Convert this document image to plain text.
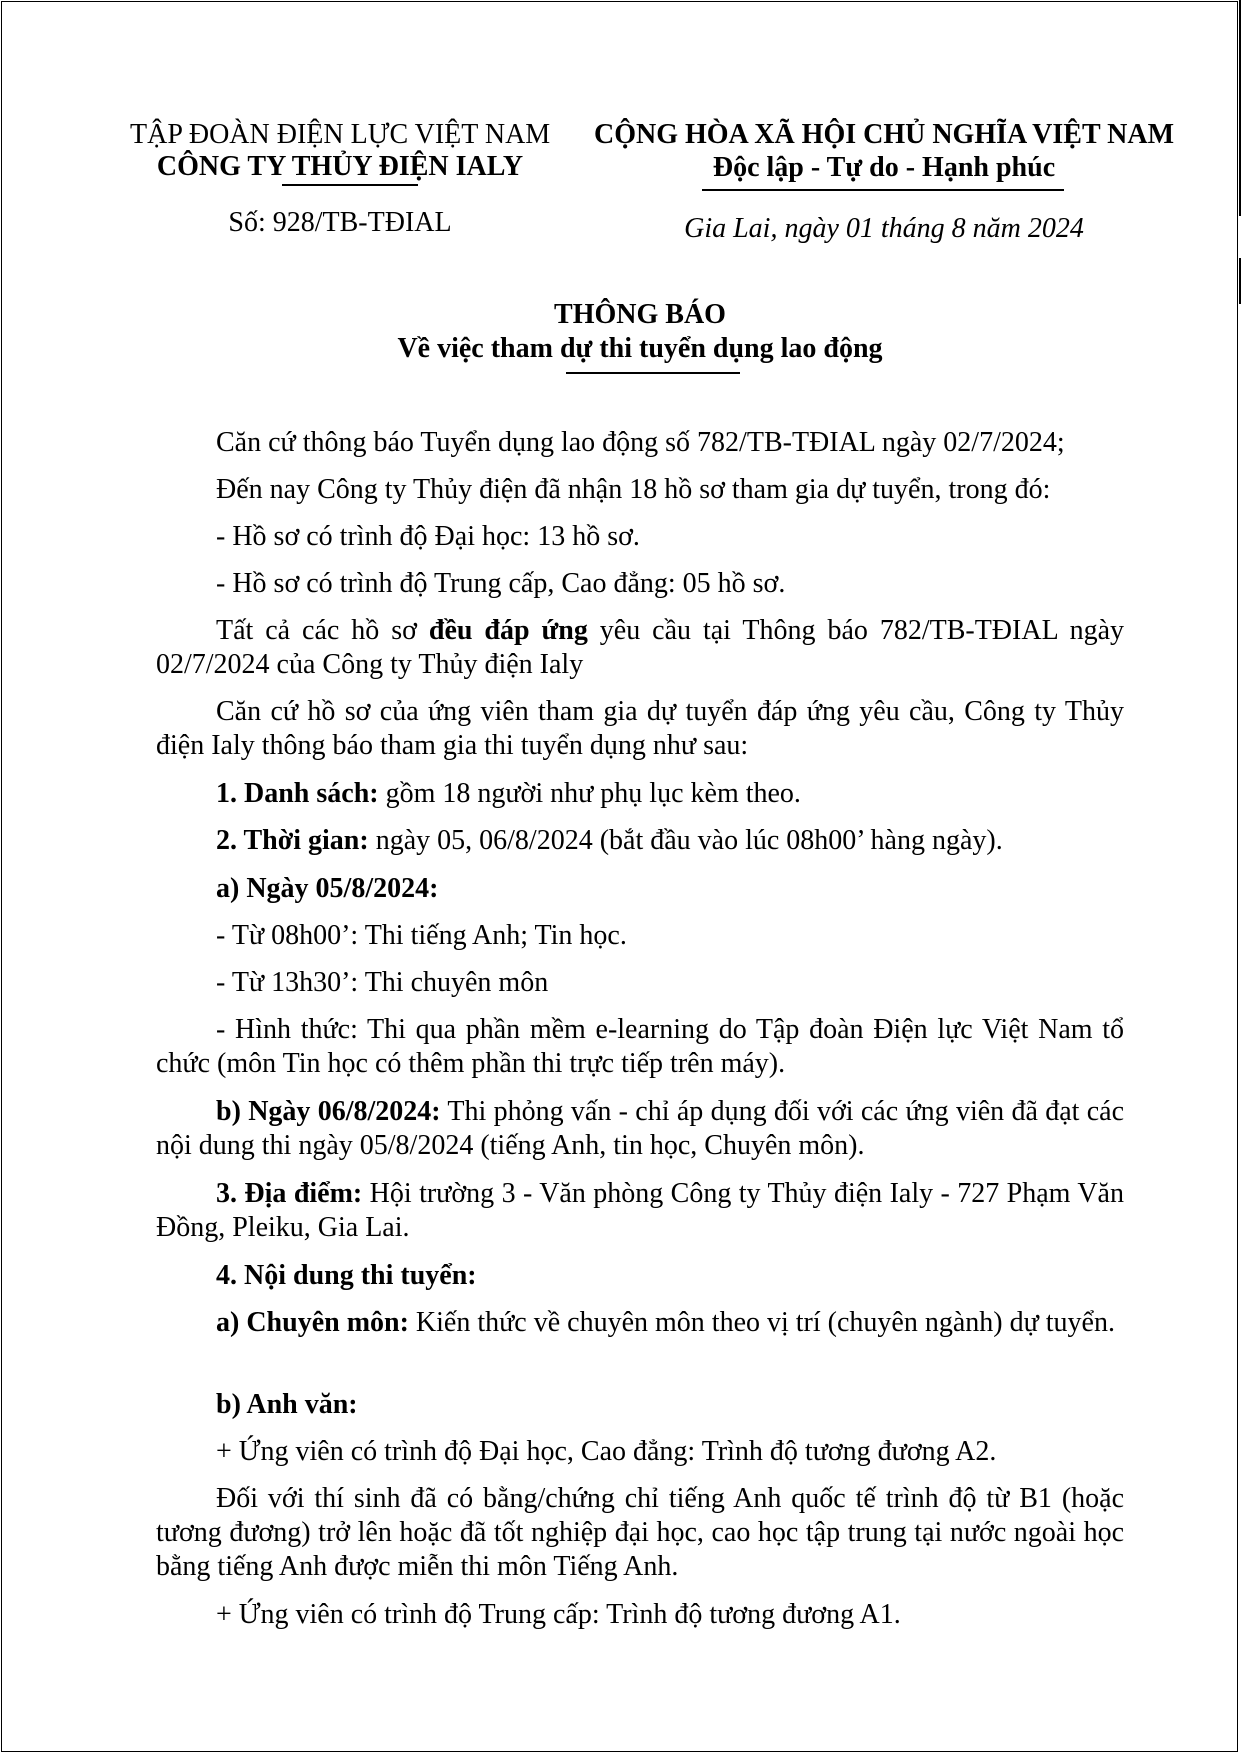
TẬP ĐOÀN ĐIỆN LỰC VIỆT NAM
CÔNG TY THỦY ĐIỆN IALY
Số: 928/TB-TĐIAL
CỘNG HÒA XÃ HỘI CHỦ NGHĨA VIỆT NAM
Độc lập - Tự do - Hạnh phúc
Gia Lai, ngày 01 tháng 8 năm 2024
THÔNG BÁO
Về việc tham dự thi tuyển dụng lao động
Căn cứ thông báo Tuyển dụng lao động số 782/TB-TĐIAL ngày 02/7/2024;
Đến nay Công ty Thủy điện đã nhận 18 hồ sơ tham gia dự tuyển, trong đó:
- Hồ sơ có trình độ Đại học: 13 hồ sơ.
- Hồ sơ có trình độ Trung cấp, Cao đẳng: 05 hồ sơ.
Tất cả các hồ sơ đều đáp ứng yêu cầu tại Thông báo 782/TB-TĐIAL ngày 02/7/2024 của Công ty Thủy điện Ialy
Căn cứ hồ sơ của ứng viên tham gia dự tuyển đáp ứng yêu cầu, Công ty Thủy điện Ialy thông báo tham gia thi tuyển dụng như sau:
1. Danh sách: gồm 18 người như phụ lục kèm theo.
2. Thời gian: ngày 05, 06/8/2024 (bắt đầu vào lúc 08h00’ hàng ngày).
a) Ngày 05/8/2024:
- Từ 08h00’: Thi tiếng Anh; Tin học.
- Từ 13h30’: Thi chuyên môn
- Hình thức: Thi qua phần mềm e-learning do Tập đoàn Điện lực Việt Nam tổ chức (môn Tin học có thêm phần thi trực tiếp trên máy).
b) Ngày 06/8/2024: Thi phỏng vấn - chỉ áp dụng đối với các ứng viên đã đạt các nội dung thi ngày 05/8/2024 (tiếng Anh, tin học, Chuyên môn).
3. Địa điểm: Hội trường 3 - Văn phòng Công ty Thủy điện Ialy - 727 Phạm Văn Đồng, Pleiku, Gia Lai.
4. Nội dung thi tuyển:
a) Chuyên môn: Kiến thức về chuyên môn theo vị trí (chuyên ngành) dự tuyển.
b) Anh văn:
+ Ứng viên có trình độ Đại học, Cao đẳng: Trình độ tương đương A2.
Đối với thí sinh đã có bằng/chứng chỉ tiếng Anh quốc tế trình độ từ B1 (hoặc tương đương) trở lên hoặc đã tốt nghiệp đại học, cao học tập trung tại nước ngoài học bằng tiếng Anh được miễn thi môn Tiếng Anh.
+ Ứng viên có trình độ Trung cấp: Trình độ tương đương A1.
